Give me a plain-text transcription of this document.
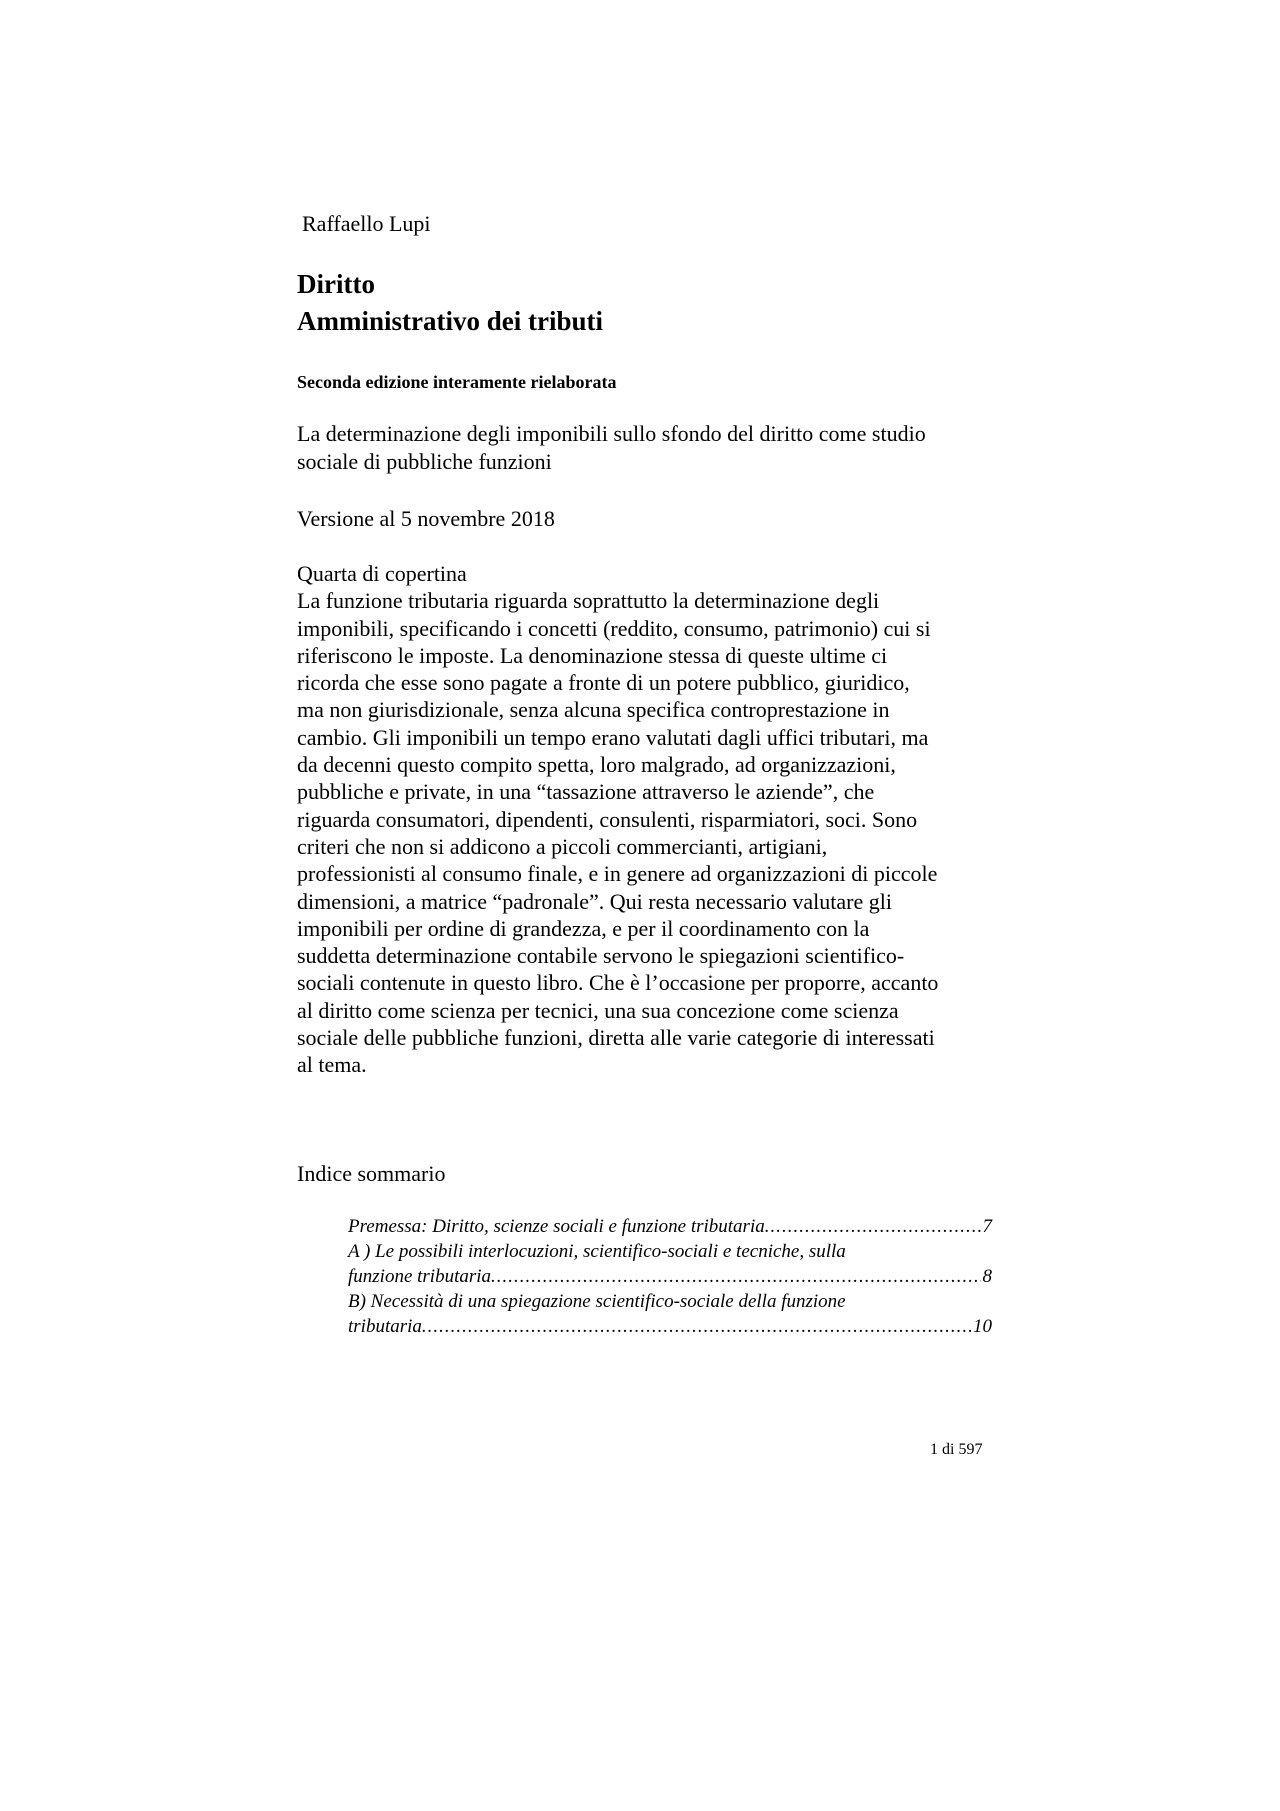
Raffaello Lupi
Diritto
Amministrativo dei tributi
Seconda edizione interamente rielaborata

La determinazione degli imponibili sullo sfondo del diritto come studio
sociale di pubbliche funzioni

Versione al 5 novembre 2018
Quarta di copertina
La funzione tributaria riguarda soprattutto la determinazione degli
imponibili, specificando i concetti (reddito, consumo, patrimonio) cui si
riferiscono le imposte. La denominazione stessa di queste ultime ci
ricorda che esse sono pagate a fronte di un potere pubblico, giuridico,
ma non giurisdizionale, senza alcuna specifica controprestazione in
cambio. Gli imponibili un tempo erano valutati dagli uffici tributari, ma
da decenni questo compito spetta, loro malgrado, ad organizzazioni,
pubbliche e private, in una “tassazione attraverso le aziende”, che
riguarda consumatori, dipendenti, consulenti, risparmiatori, soci. Sono
criteri che non si addicono a piccoli commercianti, artigiani,
professionisti al consumo finale, e in genere ad organizzazioni di piccole
dimensioni, a matrice “padronale”. Qui resta necessario valutare gli
imponibili per ordine di grandezza, e per il coordinamento con la
suddetta determinazione contabile servono le spiegazioni scientifico-
sociali contenute in questo libro. Che è l’occasione per proporre, accanto
al diritto come scienza per tecnici, una sua concezione come scienza
sociale delle pubbliche funzioni, diretta alle varie categorie di interessati
al tema.
Indice sommario
Premessa: Diritto, scienze sociali e funzione tributaria .....	7
A ) Le possibili interlocuzioni, scientifico-sociali e tecniche, sulla
funzione tributaria .....	8
B) Necessità di una spiegazione scientifico-sociale della funzione
tributaria .....	10
1 di 597
